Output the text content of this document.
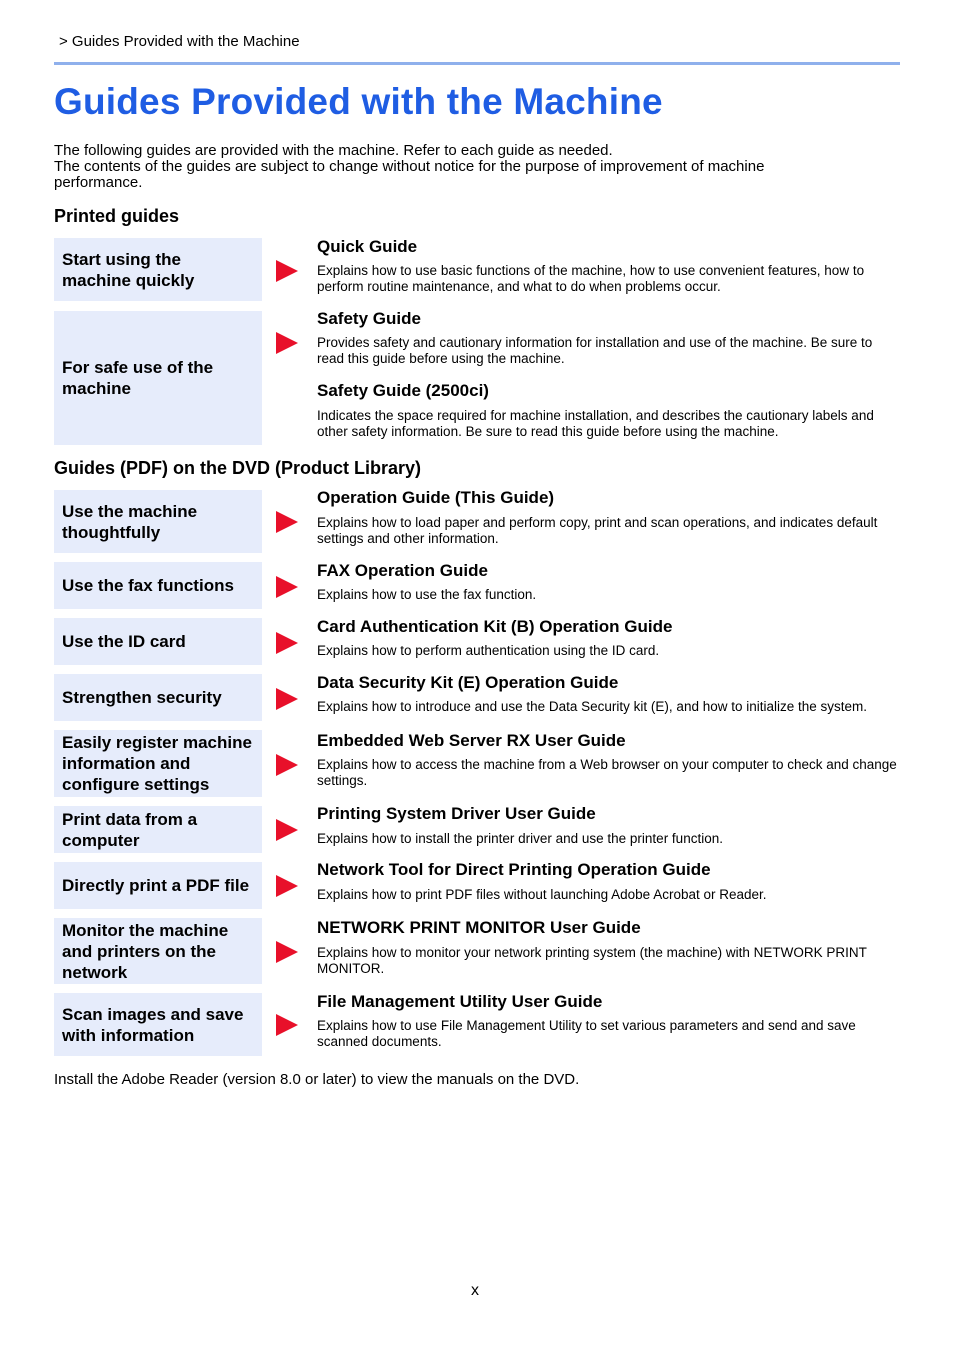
> Guides Provided with the Machine
Guides Provided with the Machine

The following guides are provided with the machine. Refer to each guide as needed.

The contents of the guides are subject to change without notice for the purpose of improvement of machine performance.

Printed guides
Start using the machine quickly
Quick Guide
Explains how to use basic functions of the machine, how to use convenient features, how to perform routine maintenance, and what to do when problems occur.
For safe use of the machine
Safety Guide
Provides safety and cautionary information for installation and use of the machine. Be sure to read this guide before using the machine.
Safety Guide (2500ci)
Indicates the space required for machine installation, and describes the cautionary labels and other safety information. Be sure to read this guide before using the machine.
Guides (PDF) on the DVD (Product Library)
Use the machine thoughtfully
Operation Guide (This Guide)
Explains how to load paper and perform copy, print and scan operations, and indicates default settings and other information.
Use the fax functions
FAX Operation Guide
Explains how to use the fax function.
Use the ID card
Card Authentication Kit (B) Operation Guide
Explains how to perform authentication using the ID card.
Strengthen security
Data Security Kit (E) Operation Guide
Explains how to introduce and use the Data Security kit (E), and how to initialize the system.
Easily register machine information and configure settings
Embedded Web Server RX User Guide
Explains how to access the machine from a Web browser on your computer to check and change settings.
Print data from a computer
Printing System Driver User Guide
Explains how to install the printer driver and use the printer function.
Directly print a PDF file
Network Tool for Direct Printing Operation Guide
Explains how to print PDF files without launching Adobe Acrobat or Reader.
Monitor the machine and printers on the network
NETWORK PRINT MONITOR User Guide
Explains how to monitor your network printing system (the machine) with NETWORK PRINT MONITOR.
Scan images and save with information
File Management Utility User Guide
Explains how to use File Management Utility to set various parameters and send and save scanned documents.
Install the Adobe Reader (version 8.0 or later) to view the manuals on the DVD.
x
